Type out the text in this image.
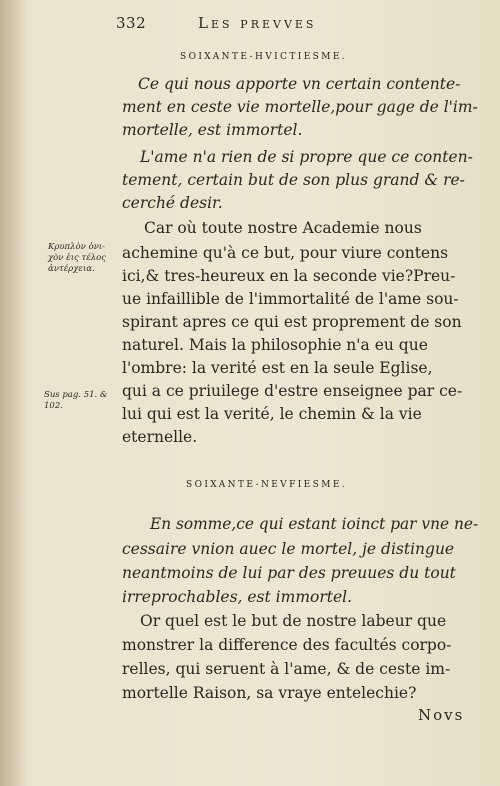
332	Les prevves
SOIXANTE-HVICTIESME.
Ce qui nous apporte vn certain contente-
ment en ceste vie mortelle,pour gage de l'im-
mortelle, est immortel.
L'ame n'a rien de si propre que ce conten-
tement, certain but de son plus grand & re-
cerché desir.
Car où toute nostre Academie nous
achemine qu'à ce but, pour viure contens
ici,& tres-heureux en la seconde vie?Preu-
ue infaillible de l'immortalité de l'ame sou-
spirant apres ce qui est proprement de son
naturel. Mais la philosophie n'a eu que
l'ombre: la verité est en la seule Eglise,
qui a ce priuilege d'estre enseignee par ce-
lui qui est la verité, le chemin & la vie
eternelle.
Κρυπλὸν ὀνι-
χὸν ἐις τέλος
ἀντέρχεια.
Sus pag. 51. &
102.
SOIXANTE-NEVFIESME.
En somme,ce qui estant ioinct par vne ne-
cessaire vnion auec le mortel, je distingue
neantmoins de lui par des preuues du tout
irreprochables, est immortel.
Or quel est le but de nostre labeur que
monstrer la difference des facultés corpo-
relles, qui seruent à l'ame, & de ceste im-
mortelle Raison, sa vraye entelechie?
Novs
